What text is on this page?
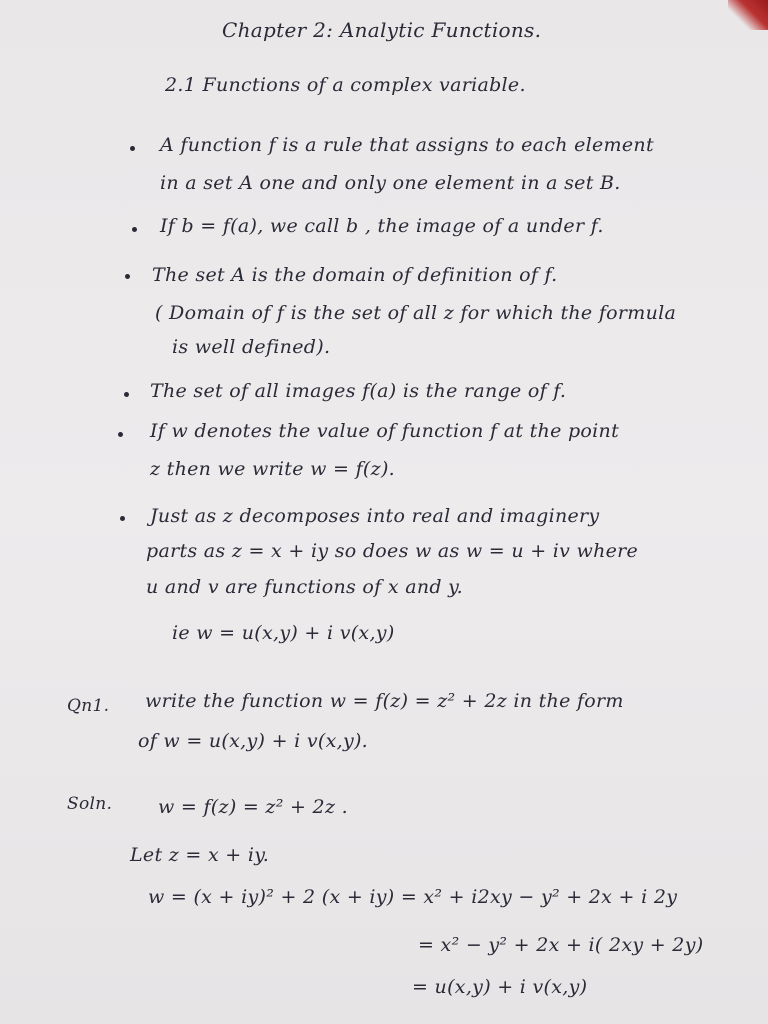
Chapter 2: Analytic Functions.
2.1 Functions of a complex variable.
A function f is a rule that assigns to each element
in a set A one and only one element in a set B.
If b = f(a), we call b , the image of a under f.
The set A is the domain of definition of f.
( Domain of f is the set of all z for which the formula
is well defined).
The set of all images f(a) is the range of f.
If w denotes the value of function f at the point
z then we write w = f(z).
Just as z decomposes into real and imaginery
parts as z = x + iy so does w as w = u + iv where
u and v are functions of x and y.
ie w = u(x,y) + i v(x,y)
Qn1. write the function w = f(z) = z² + 2z in the form
of w = u(x,y) + i v(x,y).
Soln. w = f(z) = z² + 2z .
Let z = x + iy.
w = (x + iy)² + 2 (x + iy) = x² + i2xy − y² + 2x + i 2y
= x² − y² + 2x + i( 2xy + 2y)
= u(x,y) + i v(x,y)
